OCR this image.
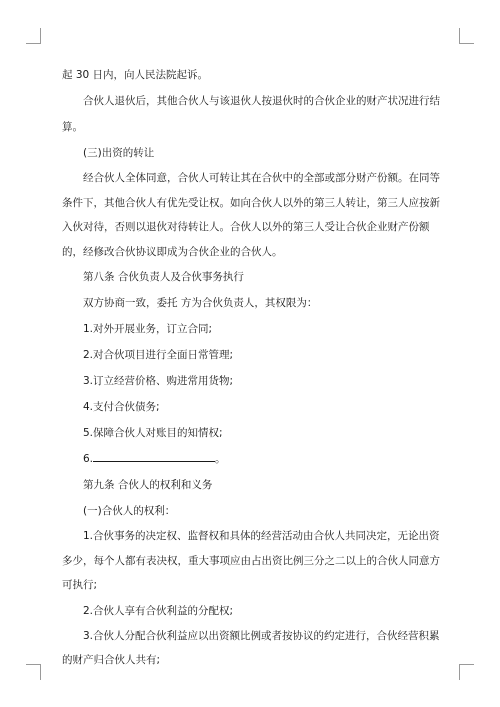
起 30 日内，向人民法院起诉。

合伙人退伙后，其他合伙人与该退伙人按退伙时的合伙企业的财产状况进行结算。

(三)出资的转让

经合伙人全体同意，合伙人可转让其在合伙中的全部或部分财产份额。在同等条件下，其他合伙人有优先受让权。如向合伙人以外的第三人转让，第三人应按新入伙对待，否则以退伙对待转让人。合伙人以外的第三人受让合伙企业财产份额的，经修改合伙协议即成为合伙企业的合伙人。

第八条 合伙负责人及合伙事务执行

双方协商一致，委托 方为合伙负责人，其权限为：

1.对外开展业务，订立合同;

2.对合伙项目进行全面日常管理;

3.订立经营价格、购进常用货物;

4.支付合伙债务;

5.保障合伙人对账目的知情权;

6.	。

第九条 合伙人的权利和义务

(一)合伙人的权利：

1.合伙事务的决定权、监督权和具体的经营活动由合伙人共同决定，无论出资多少，每个人都有表决权，重大事项应由占出资比例三分之二以上的合伙人同意方可执行;

2.合伙人享有合伙利益的分配权;

3.合伙人分配合伙利益应以出资额比例或者按协议的约定进行，合伙经营积累的财产归合伙人共有;
